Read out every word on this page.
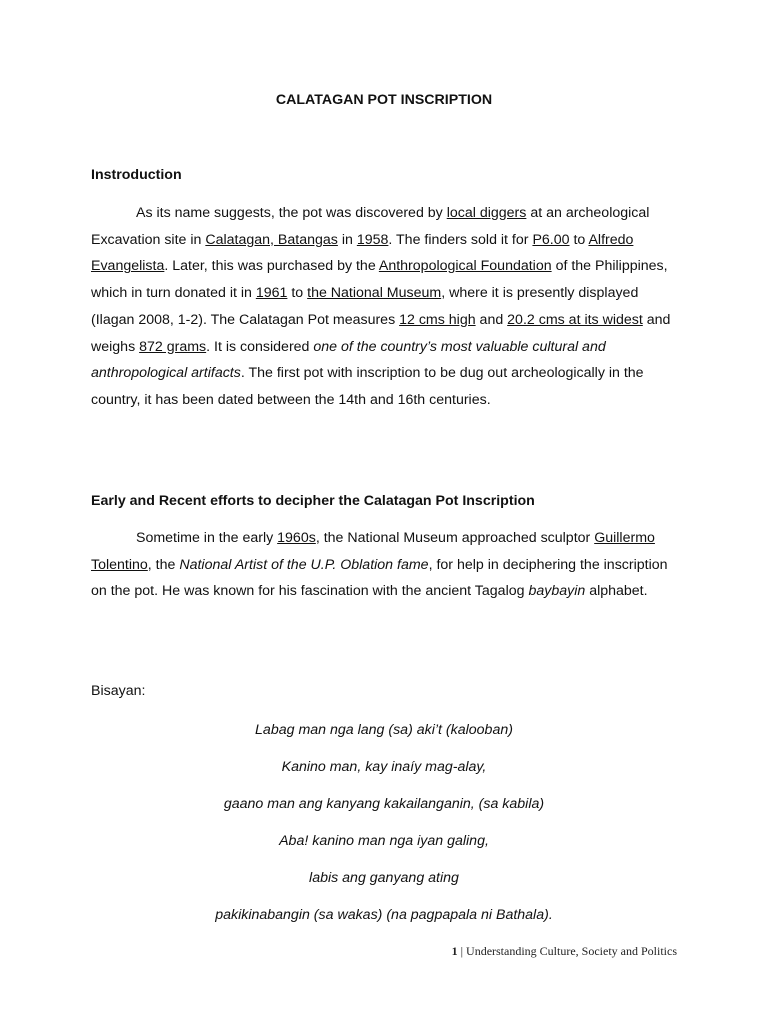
CALATAGAN POT INSCRIPTION
Instroduction

As its name suggests, the pot was discovered by local diggers at an archeological Excavation site in Calatagan, Batangas in 1958. The finders sold it for P6.00 to Alfredo Evangelista. Later, this was purchased by the Anthropological Foundation of the Philippines, which in turn donated it in 1961 to the National Museum, where it is presently displayed (Ilagan 2008, 1-2). The Calatagan Pot measures 12 cms high and 20.2 cms at its widest and weighs 872 grams. It is considered one of the country’s most valuable cultural and anthropological artifacts. The first pot with inscription to be dug out archeologically in the country, it has been dated between the 14th and 16th centuries.

Early and Recent efforts to decipher the Calatagan Pot Inscription

Sometime in the early 1960s, the National Museum approached sculptor Guillermo Tolentino, the National Artist of the U.P. Oblation fame, for help in deciphering the inscription on the pot. He was known for his fascination with the ancient Tagalog baybayin alphabet.

Bisayan:
Labag man nga lang (sa) aki’t (kalooban)
Kanino man, kay inaíy mag-alay,
gaano man ang kanyang kakailanganin, (sa kabila)
Aba! kanino man nga iyan galing,
labis ang ganyang ating
pakikinabangin (sa wakas) (na pagpapala ni Bathala).
1 | Understanding Culture, Society and Politics
